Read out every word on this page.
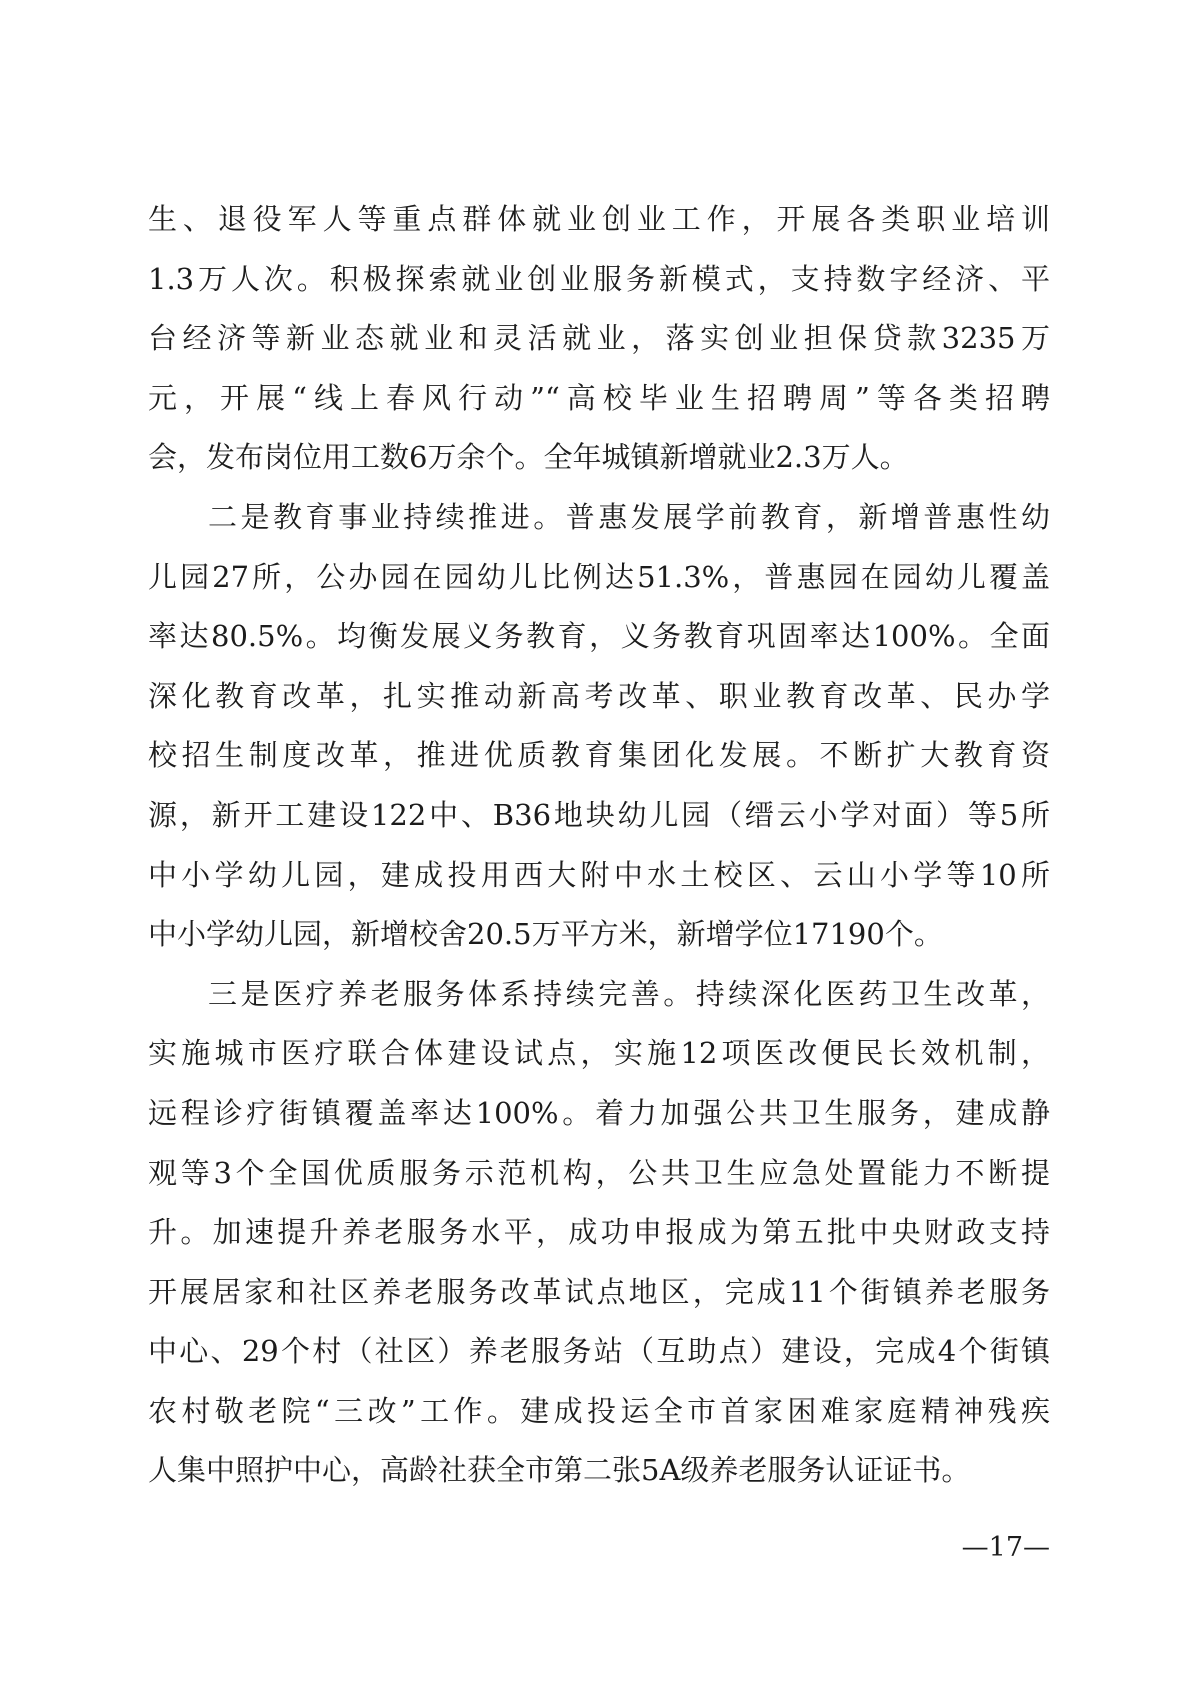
生、退役军人等重点群体就业创业工作，开展各类职业培训
1.3万人次。积极探索就业创业服务新模式，支持数字经济、平
台经济等新业态就业和灵活就业，落实创业担保贷款3235万
元，开展“线上春风行动”“高校毕业生招聘周”等各类招聘
会，发布岗位用工数6万余个。全年城镇新增就业2.3万人。
二是教育事业持续推进。普惠发展学前教育，新增普惠性幼
儿园27所，公办园在园幼儿比例达51.3%，普惠园在园幼儿覆盖
率达80.5%。均衡发展义务教育，义务教育巩固率达100%。全面
深化教育改革，扎实推动新高考改革、职业教育改革、民办学
校招生制度改革，推进优质教育集团化发展。不断扩大教育资
源，新开工建设122中、B36地块幼儿园（缙云小学对面）等5所
中小学幼儿园，建成投用西大附中水土校区、云山小学等10所
中小学幼儿园，新增校舍20.5万平方米，新增学位17190个。
三是医疗养老服务体系持续完善。持续深化医药卫生改革，
实施城市医疗联合体建设试点，实施12项医改便民长效机制，
远程诊疗街镇覆盖率达100%。着力加强公共卫生服务，建成静
观等3个全国优质服务示范机构，公共卫生应急处置能力不断提
升。加速提升养老服务水平，成功申报成为第五批中央财政支持
开展居家和社区养老服务改革试点地区，完成11个街镇养老服务
中心、29个村（社区）养老服务站（互助点）建设，完成4个街镇
农村敬老院“三改”工作。建成投运全市首家困难家庭精神残疾
人集中照护中心，高龄社获全市第二张5A级养老服务认证证书。
—17—
